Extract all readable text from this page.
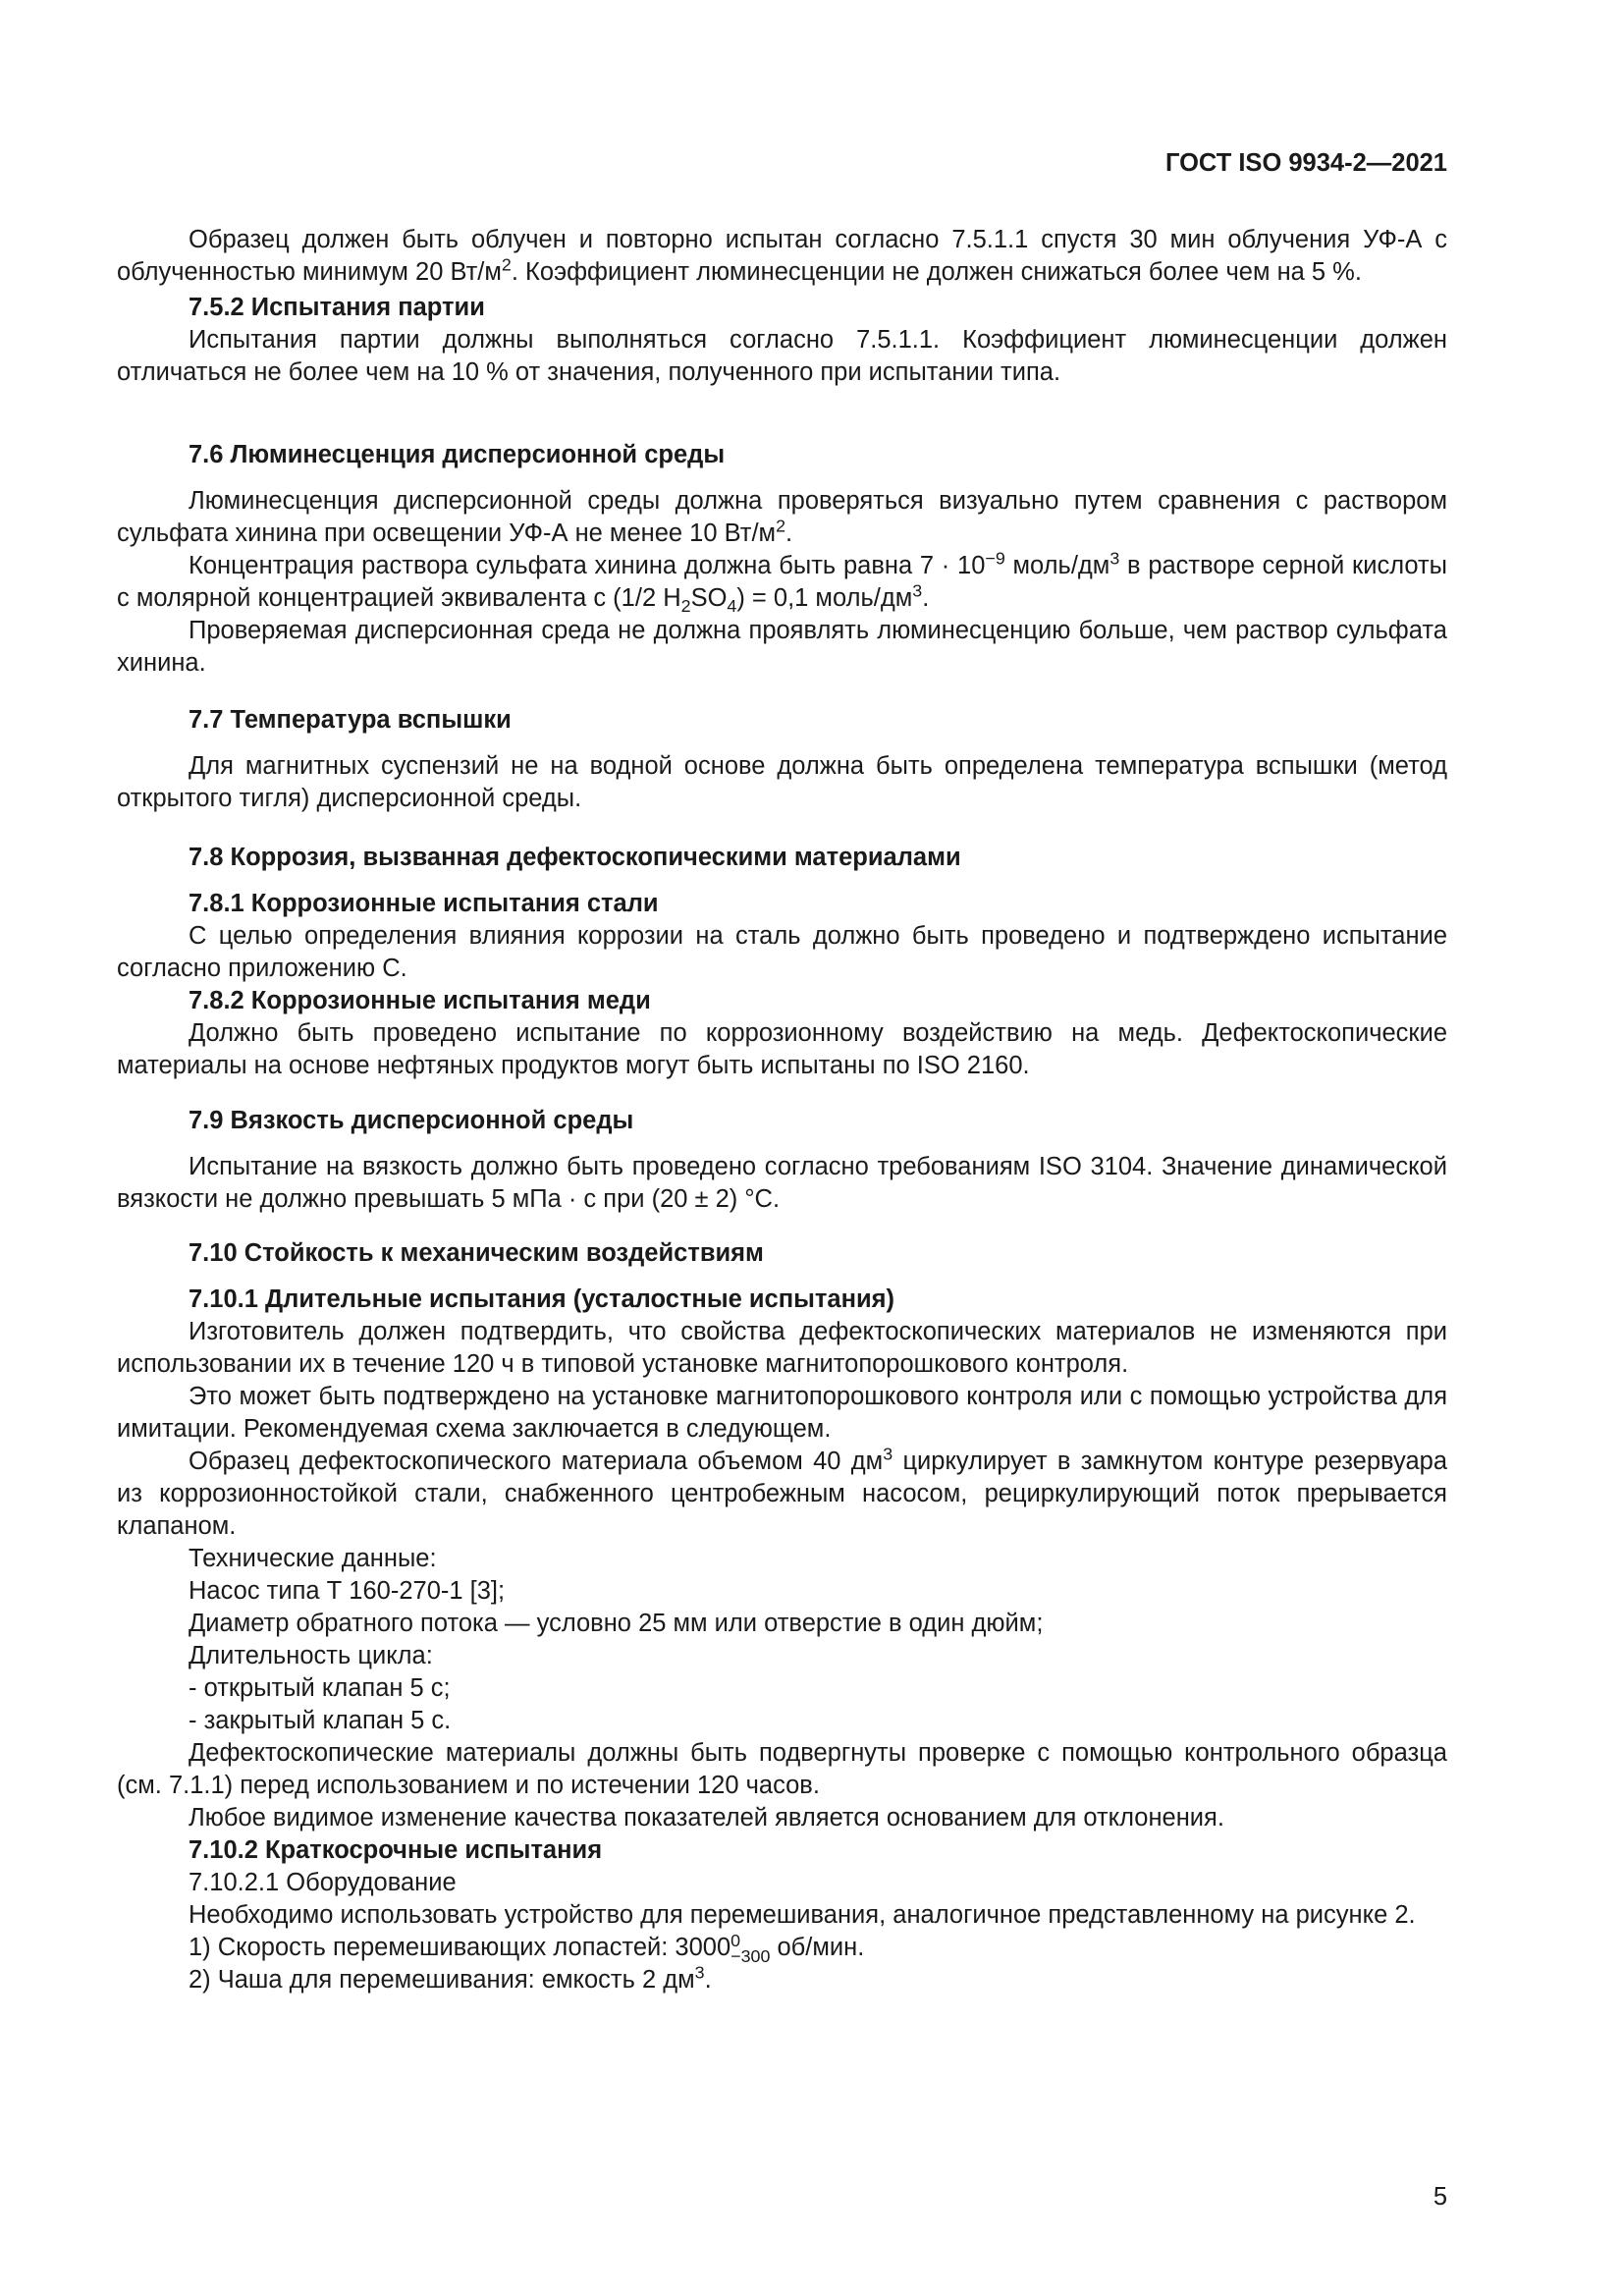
ГОСТ ISO 9934-2—2021

Образец должен быть облучен и повторно испытан согласно 7.5.1.1 спустя 30 мин облучения УФ-А с облученностью минимум 20 $Вт/м^2$. Коэффициент люминесценции не должен снижаться более чем на 5 %.

7.5.2 Испытания партии

Испытания партии должны выполняться согласно 7.5.1.1. Коэффициент люминесценции должен отличаться не более чем на 10 % от значения, полученного при испытании типа.

7.6 Люминесценция дисперсионной среды

Люминесценция дисперсионной среды должна проверяться визуально путем сравнения с раствором сульфата хинина при освещении УФ-А не менее 10 $Вт/м^2$.

Концентрация раствора сульфата хинина должна быть равна $7 \cdot 10^{-9}$ моль/$дм^3$ в растворе серной кислоты с молярной концентрацией эквивалента c (1/2 $H_2SO_4) = 0,1$ моль/$дм^3$.

Проверяемая дисперсионная среда не должна проявлять люминесценцию больше, чем раствор сульфата хинина.

7.7 Температура вспышки

Для магнитных суспензий не на водной основе должна быть определена температура вспышки (метод открытого тигля) дисперсионной среды.

7.8 Коррозия, вызванная дефектоскопическими материалами

7.8.1 Коррозионные испытания стали

С целью определения влияния коррозии на сталь должно быть проведено и подтверждено испытание согласно приложению С.

7.8.2 Коррозионные испытания меди

Должно быть проведено испытание по коррозионному воздействию на медь. Дефектоскопические материалы на основе нефтяных продуктов могут быть испытаны по ISO 2160.

7.9 Вязкость дисперсионной среды

Испытание на вязкость должно быть проведено согласно требованиям ISO 3104. Значение динамической вязкости не должно превышать 5 мПа · с при (20 ± 2) °С.

7.10 Стойкость к механическим воздействиям

7.10.1 Длительные испытания (усталостные испытания)

Изготовитель должен подтвердить, что свойства дефектоскопических материалов не изменяются при использовании их в течение 120 ч в типовой установке магнитопорошкового контроля.

Это может быть подтверждено на установке магнитопорошкового контроля или с помощью устройства для имитации. Рекомендуемая схема заключается в следующем.

Образец дефектоскопического материала объемом 40 $дм^3$ циркулирует в замкнутом контуре резервуара из коррозионностойкой стали, снабженного центробежным насосом, рециркулирующий поток прерывается клапаном.

Технические данные:

Насос типа Т 160-270-1 [3];

Диаметр обратного потока — условно 25 мм или отверстие в один дюйм;

Длительность цикла:

- открытый клапан 5 с;

- закрытый клапан 5 с.

Дефектоскопические материалы должны быть подвергнуты проверке с помощью контрольного образца (см. 7.1.1) перед использованием и по истечении 120 часов.

Любое видимое изменение качества показателей является основанием для отклонения.

7.10.2 Краткосрочные испытания

7.10.2.1 Оборудование

Необходимо использовать устройство для перемешивания, аналогичное представленному на рисунке 2.

1) Скорость перемешивающих лопастей: 3000 0
−300 об/мин.

2) Чаша для перемешивания: емкость 2 $дм^3$.

5
